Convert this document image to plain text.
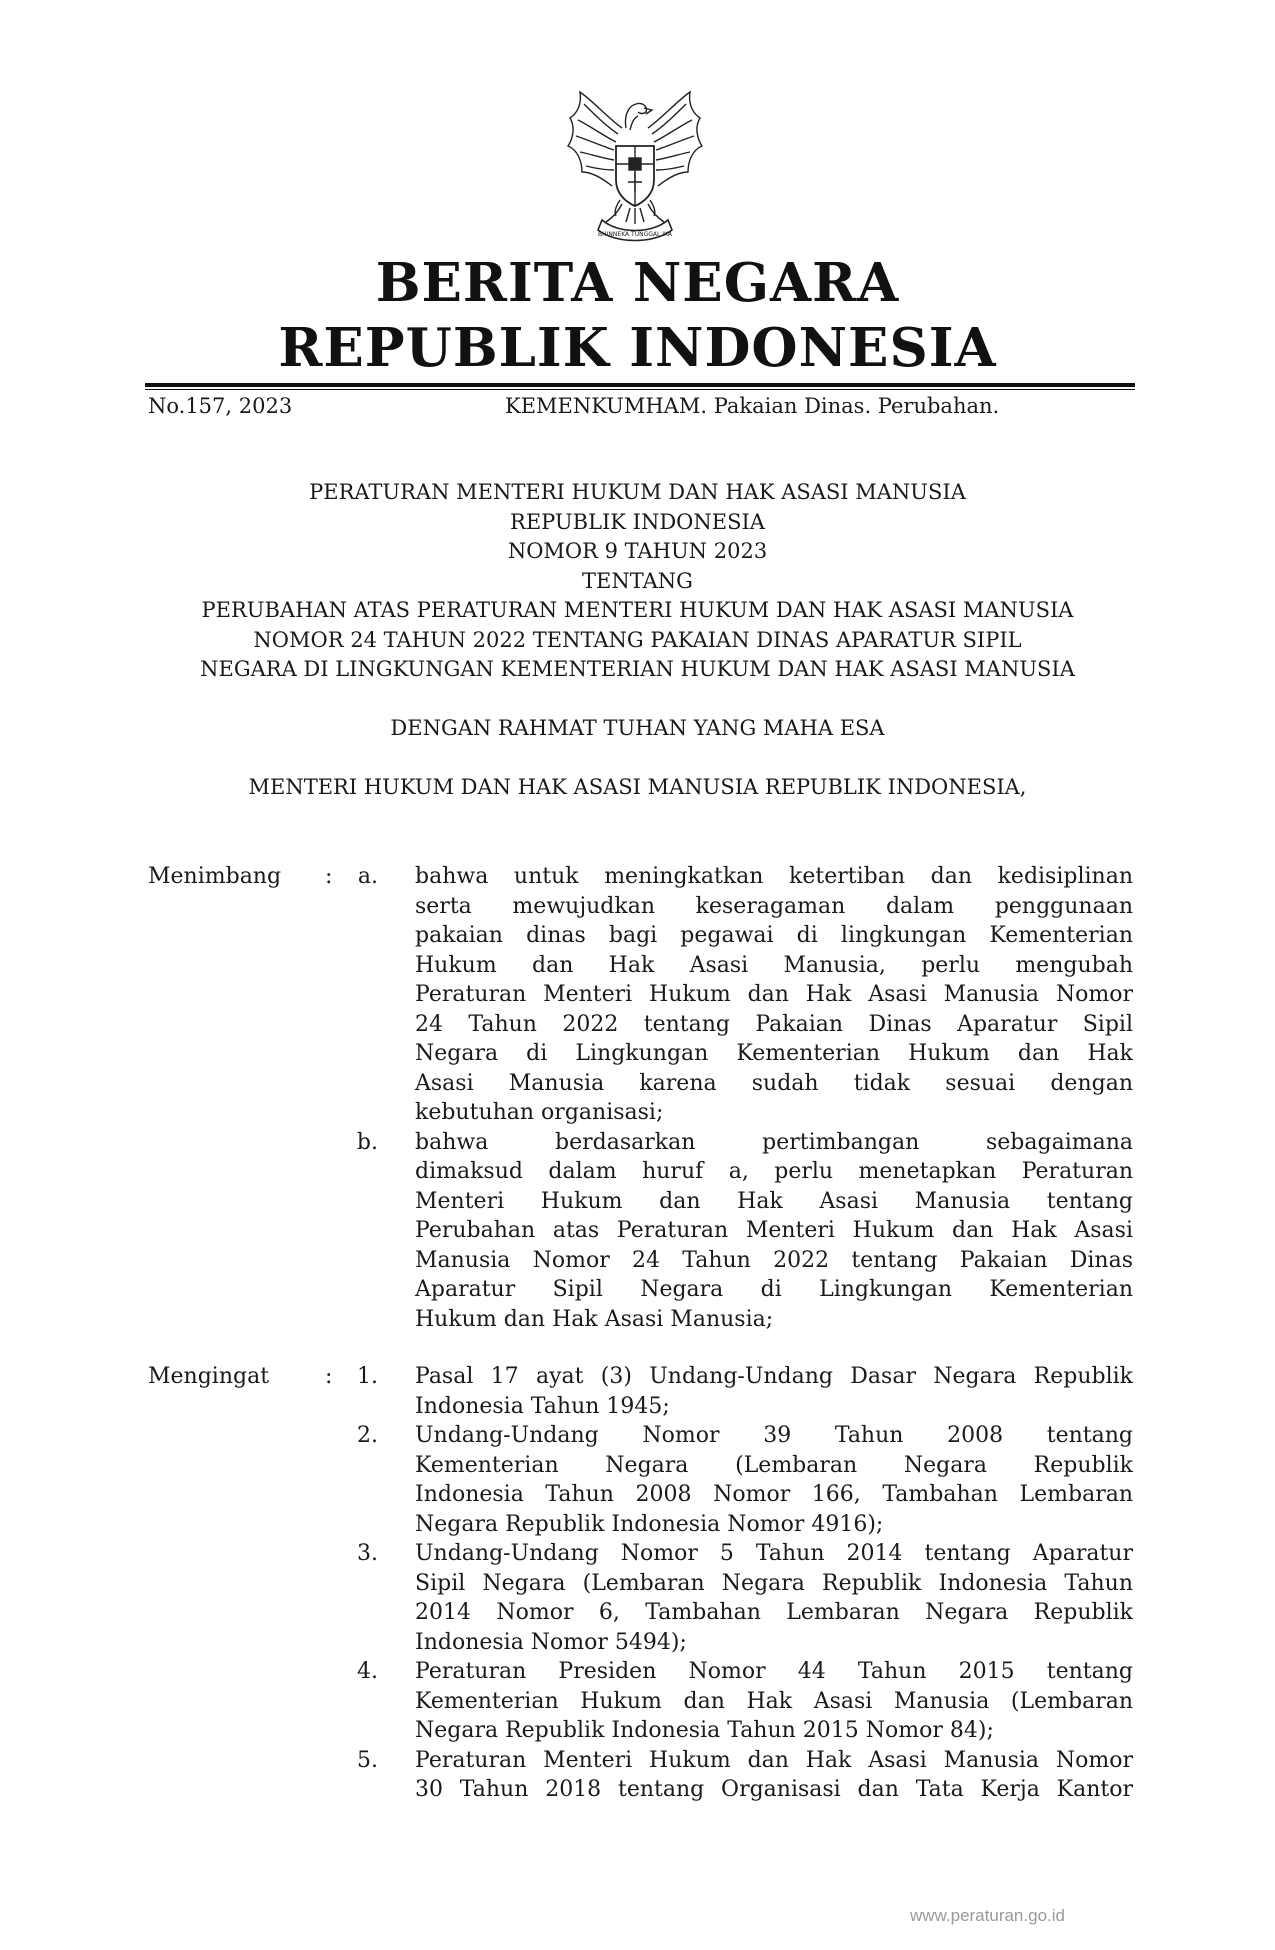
BHINNEKA TUNGGAL IKA
BERITA NEGARA
REPUBLIK INDONESIA
No.157, 2023	KEMENKUMHAM. Pakaian Dinas. Perubahan.
PERATURAN MENTERI HUKUM DAN HAK ASASI MANUSIA
REPUBLIK INDONESIA
NOMOR 9 TAHUN 2023
TENTANG
PERUBAHAN ATAS PERATURAN MENTERI HUKUM DAN HAK ASASI MANUSIA
NOMOR 24 TAHUN 2022 TENTANG PAKAIAN DINAS APARATUR SIPIL
NEGARA DI LINGKUNGAN KEMENTERIAN HUKUM DAN HAK ASASI MANUSIA
DENGAN RAHMAT TUHAN YANG MAHA ESA
MENTERI HUKUM DAN HAK ASASI MANUSIA REPUBLIK INDONESIA,
Menimbang :	a. bahwa untuk meningkatkan ketertiban dan kedisiplinan
serta mewujudkan keseragaman dalam penggunaan
pakaian dinas bagi pegawai di lingkungan Kementerian
Hukum dan Hak Asasi Manusia, perlu mengubah
Peraturan Menteri Hukum dan Hak Asasi Manusia Nomor
24 Tahun 2022 tentang Pakaian Dinas Aparatur Sipil
Negara di Lingkungan Kementerian Hukum dan Hak
Asasi Manusia karena sudah tidak sesuai dengan
kebutuhan organisasi;
b. bahwa berdasarkan pertimbangan sebagaimana
dimaksud dalam huruf a, perlu menetapkan Peraturan
Menteri Hukum dan Hak Asasi Manusia tentang
Perubahan atas Peraturan Menteri Hukum dan Hak Asasi
Manusia Nomor 24 Tahun 2022 tentang Pakaian Dinas
Aparatur Sipil Negara di Lingkungan Kementerian
Hukum dan Hak Asasi Manusia;
Mengingat	:	1. Pasal 17 ayat (3) Undang-Undang Dasar Negara Republik
Indonesia Tahun 1945;
2. Undang-Undang Nomor 39 Tahun 2008 tentang
Kementerian Negara (Lembaran Negara Republik
Indonesia Tahun 2008 Nomor 166, Tambahan Lembaran
Negara Republik Indonesia Nomor 4916);
3. Undang-Undang Nomor 5 Tahun 2014 tentang Aparatur
Sipil Negara (Lembaran Negara Republik Indonesia Tahun
2014 Nomor 6, Tambahan Lembaran Negara Republik
Indonesia Nomor 5494);
4. Peraturan Presiden Nomor 44 Tahun 2015 tentang
Kementerian Hukum dan Hak Asasi Manusia (Lembaran
Negara Republik Indonesia Tahun 2015 Nomor 84);
5. Peraturan Menteri Hukum dan Hak Asasi Manusia Nomor
30 Tahun 2018 tentang Organisasi dan Tata Kerja Kantor
www.peraturan.go.id
